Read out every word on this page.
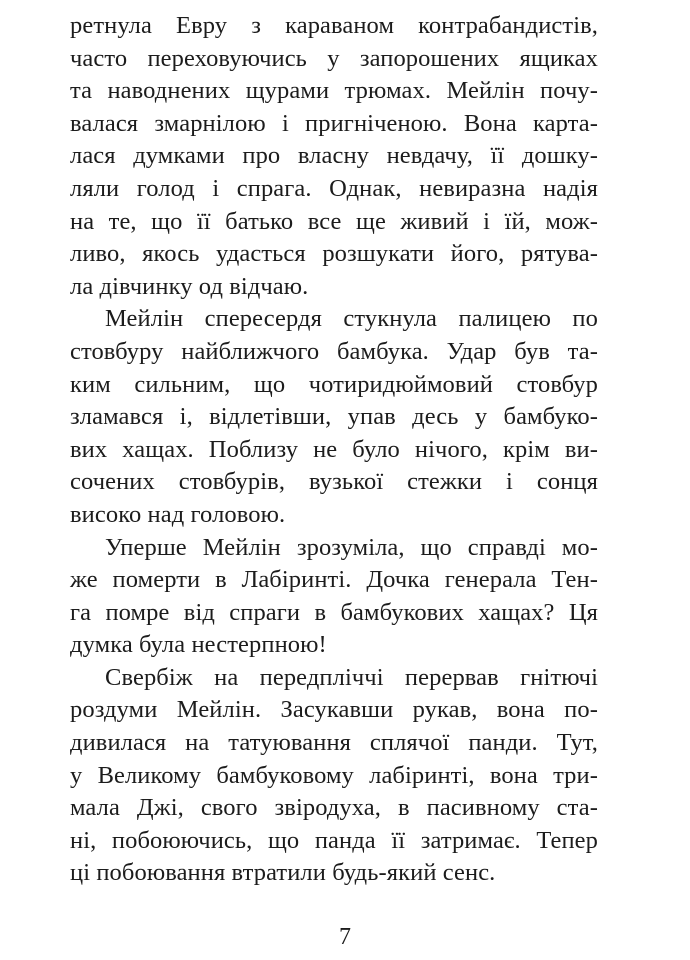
ретнула Евру з караваном контрабандистів,
часто переховуючись у запорошених ящиках
та наводнених щурами трюмах. Мейлін почу-
валася змарнілою і пригніченою. Вона карта-
лася думками про власну невдачу, її дошку-
ляли голод і спрага. Однак, невиразна надія
на те, що її батько все ще живий і їй, мож-
ливо, якось удасться розшукати його, рятува-
ла дівчинку од відчаю.
Мейлін спересердя стукнула палицею по
стовбуру найближчого бамбука. Удар був та-
ким сильним, що чотиридюймовий стовбур
зламався і, відлетівши, упав десь у бамбуко-
вих хащах. Поблизу не було нічого, крім ви-
сочених стовбурів, вузької стежки і сонця
високо над головою.
Уперше Мейлін зрозуміла, що справді мо-
же померти в Лабіринті. Дочка генерала Тен-
га помре від спраги в бамбукових хащах? Ця
думка була нестерпною!
Свербіж на передпліччі перервав гнітючі
роздуми Мейлін. Засукавши рукав, вона по-
дивилася на татуювання сплячої панди. Тут,
у Великому бамбуковому лабіринті, вона три-
мала Джі, свого звіродуха, в пасивному ста-
ні, побоюючись, що панда її затримає. Тепер
ці побоювання втратили будь-який сенс.
7
